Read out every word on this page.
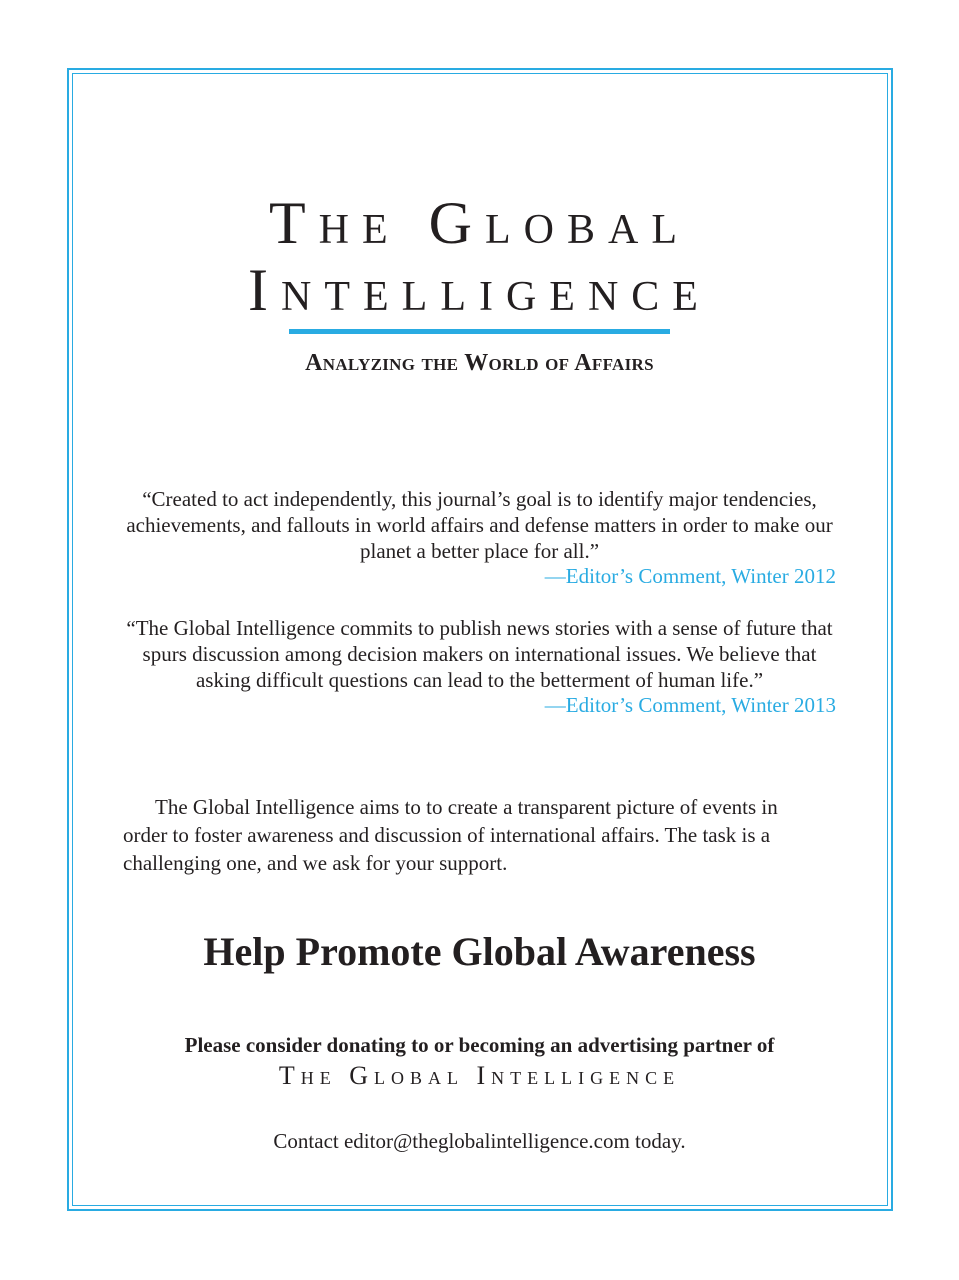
The Global
Intelligence
Analyzing the World of Affairs
“Created to act independently, this journal’s goal is to identify major tendencies, achievements, and fallouts in world affairs and defense matters in order to make our planet a better place for all.”
—Editor’s Comment, Winter 2012
“The Global Intelligence commits to publish news stories with a sense of future that spurs discussion among decision makers on international issues. We believe that asking difficult questions can lead to the betterment of human life.”
—Editor’s Comment, Winter 2013
The Global Intelligence aims to to create a transparent picture of events in order to foster awareness and discussion of international affairs. The task is a challenging one, and we ask for your support.
Help Promote Global Awareness
Please consider donating to or becoming an advertising partner of
The Global Intelligence
Contact editor@theglobalintelligence.com today.
